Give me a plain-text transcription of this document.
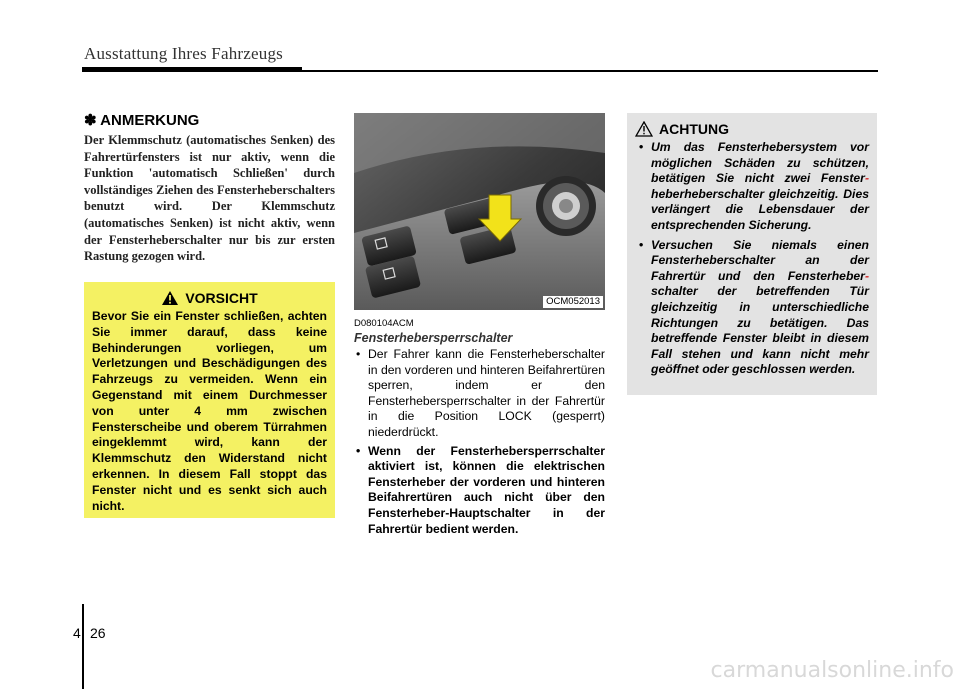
Ausstattung Ihres Fahrzeugs
✽ ANMERKUNG
Der Klemmschutz (automatisches Senken) des Fahrertürfensters ist nur aktiv, wenn die Funktion 'automatisch Schließen' durch vollständiges Ziehen des Fensterheberschalters benutzt wird. Der Klemmschutz (automatisches Senken) ist nicht aktiv, wenn der Fensterheberschalter nur bis zur ersten Rastung gezogen wird.
VORSICHT
Bevor Sie ein Fenster schließen, achten Sie immer darauf, dass keine Behinderungen vorliegen, um Verletzungen und Beschädigungen des Fahrzeugs zu vermeiden. Wenn ein Gegenstand mit einem Durchmesser von unter 4 mm zwischen Fensterscheibe und oberem Türrahmen eingeklemmt wird, kann der Klemmschutz den Widerstand nicht erkennen. In diesem Fall stoppt das Fenster nicht und es senkt sich auch nicht.
OCM052013
D080104ACM
Fensterhebersperrschalter
• Der Fahrer kann die Fensterheberschalter in den vorderen und hinteren Beifahrertüren sperren, indem er den Fensterhebersperrschalter in der Fahrertür in die Position LOCK (gesperrt) niederdrückt.
• Wenn der Fensterhebersperrschalter aktiviert ist, können die elektrischen Fensterheber der vorderen und hinteren Beifahrertüren auch nicht über den Fensterheber-Hauptschalter in der Fahrertür bedient werden.
ACHTUNG
• Um das Fensterhebersystem vor möglichen Schäden zu schützen, betätigen Sie nicht zwei Fenster- heberheberschalter gleichzeitig. Dies verlängert die Lebensdauer der entsprechenden Sicherung.
• Versuchen Sie niemals einen Fensterheberschalter an der Fahrertür und den Fensterheber- schalter der betreffenden Tür gleichzeitig in unterschiedliche Richtungen zu betätigen. Das betreffende Fenster bleibt in diesem Fall stehen und kann nicht mehr geöffnet oder geschlossen werden.
4 26
carmanualsonline.info
